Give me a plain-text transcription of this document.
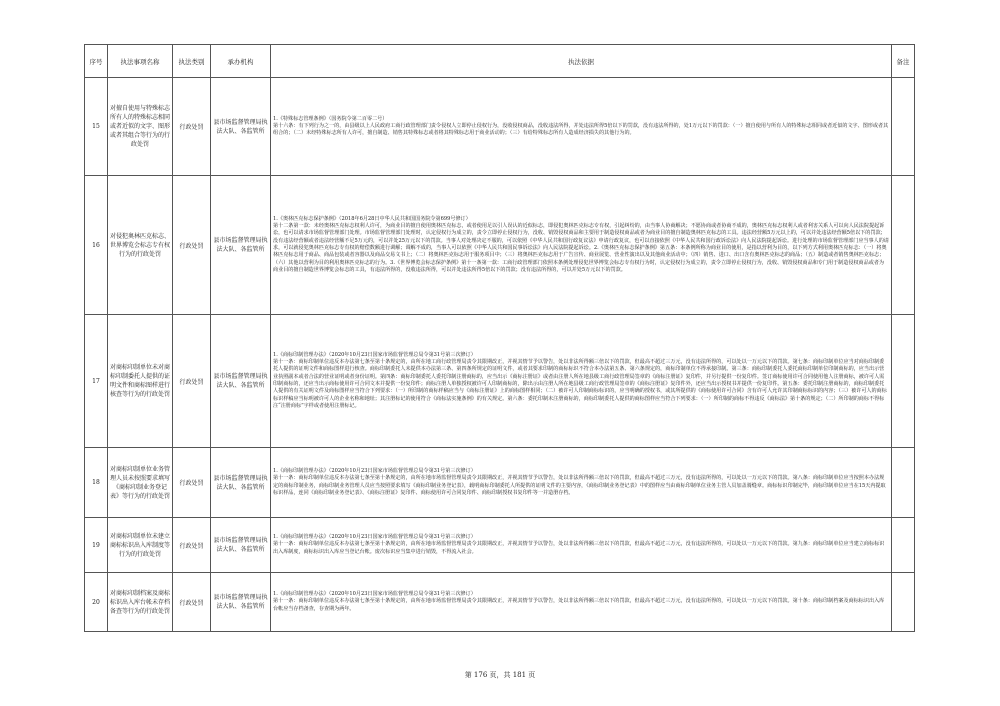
序号	执法事项名称	执法类别	承办机构	执法依据	备注
15	对擅自使用与特殊标志所有人的特殊标志相同或者近似的文字、图形或者其组合等行为的行政处罚	行政处罚	县市场监督管理局执法大队、各监管所	1.《特殊标志管理条例》（国务院令第二百零二号）

第十六条：有下列行为之一的，由县级以上人民政府工商行政管理部门责令侵权人立即停止侵权行为，没收侵权商品，没收违法所得，并处违法所得5倍以下的罚款，没有违法所得的，处1万元以下的罚款：（一）擅自使用与所有人的特殊标志相同或者近似的文字、图形或者其组合的；（二）未经特殊标志所有人许可，擅自制造、销售其特殊标志或者将其特殊标志用于商业活动的；（三）有给特殊标志所有人造成经济损失的其他行为的。	

16	对侵犯奥林匹克标志、世界博览会标志专有权行为的行政处罚	行政处罚	县市场监督管理局执法大队、各监管所	1.《奥林匹克标志保护条例》（2018年6月28日中华人民共和国国务院令第699号修订）

第十二条第一款：未经奥林匹克标志权利人许可，为商业目的擅自使用奥林匹克标志，或者使用足以引人误认的近似标志，即侵犯奥林匹克标志专有权，引起纠纷的，由当事人协商解决；不愿协商或者协商不成的，奥林匹克标志权利人或者利害关系人可以向人民法院提起诉讼，也可以请求市场监督管理部门处理。市场监督管理部门处理时，认定侵权行为成立的，责令立即停止侵权行为，没收、销毁侵权商品和主要用于制造侵权商品或者为商业目的擅自制造奥林匹克标志的工具。违法经营额5万元以上的，可以并处违法经营额5倍以下的罚款；没有违法经营额或者违法经营额不足5万元的，可以并处25万元以下的罚款。当事人对处理决定不服的，可以依照《中华人民共和国行政复议法》申请行政复议，也可以直接依照《中华人民共和国行政诉讼法》向人民法院提起诉讼。进行处理的市场监督管理部门应当事人的请求，可以就侵犯奥林匹克标志专有权的赔偿数额进行调解；调解不成的，当事人可以依照《中华人民共和国民事诉讼法》向人民法院提起诉讼。2.《奥林匹克标志保护条例》第五条：本条例所称为商业目的使用，是指以营利为目的，以下列方式利用奥林匹克标志：（一）将奥林匹克标志用于商品、商品包装或者容器以及商品交易文书上；（二）将奥林匹克标志用于服务项目中；（三）将奥林匹克标志用于广告宣传、商业展览、营业性演出以及其他商业活动中；（四）销售、进口、出口含有奥林匹克标志的商品；（五）制造或者销售奥林匹克标志；（六）其他以营利为目的利用奥林匹克标志的行为。3.《世界博览会标志保护条例》第十一条第一款：工商行政管理部门依照本条例处理侵犯世界博览会标志专有权行为时，认定侵权行为成立的，责令立即停止侵权行为，没收、销毁侵权商品和专门用于制造侵权商品或者为商业目的擅自制造世界博览会标志的工具，有违法所得的，没收违法所得，可以并处违法所得5倍以下的罚款；没有违法所得的，可以并处5万元以下的罚款。	

17	对商标印制单位未对商标印制委托人提供的证明文件和商标图样进行核查等行为的行政处罚	行政处罚	县市场监督管理局执法大队、各监管所	1.《商标印制管理办法》（2020年10月23日国家市场监督管理总局令第31号第三次修订）

第十一条：商标印制单位违反本办法第七条至第十条规定的，由所在地工商行政管理局责令其限期改正，并视其情节予以警告，处以非法所得额三倍以下的罚款，但最高不超过三万元，没有违法所得的，可以处以一万元以下的罚款。第七条：商标印制单位应当对商标印制委托人提供的证明文件和商标图样进行核查。商标印制委托人未提供本办法第三条、第四条所规定的证明文件，或者其要求印制的商标标识不符合本办法第五条、第六条规定的，商标印制单位不得承接印制。第三条：商标印制委托人委托商标印制单位印制商标的，应当出示营业执照副本或者合法的营业证明或者身份证明。第四条：商标印制委托人委托印制注册商标的，应当出示《商标注册证》或者由注册人所在地县级工商行政管理局签章的《商标注册证》复印件，并另行提供一份复印件。签订商标使用许可合同使用他人注册商标，被许可人需印制商标的，还应当出示商标使用许可合同文本并提供一份复印件；商标注册人单独授权被许可人印制商标的，除出示由注册人所在地县级工商行政管理局签章的《商标注册证》复印件外，还应当出示授权书并提供一份复印件。第五条：委托印制注册商标的，商标印制委托人提供的有关证明文件及商标图样应当符合下列要求：（一）所印制的商标样稿应当与《商标注册证》上的商标图样相同；（二）被许可人印制商标标识的，应当明确的授权书，或其所提供的《商标使用许可合同》含有许可人允许其印制商标标识的内容；（三）被许可人的商标标识样稿应当标明被许可人的企业名称和地址；其注册标记的使用符合《商标法实施条例》的有关规定。第六条：委托印制未注册商标的，商标印制委托人提供的商标图样应当符合下列要求：（一）所印制的商标不得违反《商标法》第十条的规定；（二）所印制的商标不得标注“注册商标”字样或者使用注册标记。	

18	对商标印制单位业务管理人员未按照要求填写《商标印制业务登记表》等行为的行政处罚	行政处罚	县市场监督管理局执法大队、各监管所	1.《商标印制管理办法》（2020年10月23日国家市场监督管理总局令第31号第三次修订）

第十一条：商标印制单位违反本办法第七条至第十条规定的，由所在地市场监督管理局责令其限期改正，并视其情节予以警告，处以非法所得额三倍以下的罚款，但最高不超过三万元，没有违法所得的，可以处以一万元以下的罚款。第八条：商标印制单位应当按照本办法规定的商标印制业务，商标印制业务管理人员应当按照要求填写《商标印制业务登记表》，载明商标印制委托人所提供的证明文件的主要内容，《商标印制业务登记表》中的图样应当由商标印制单位业务主管人员加盖骑缝章。商标标识印制完毕，商标印制单位应当在15天内提取标识样品，连同《商标印制业务登记表》、《商标注册证》复印件、商标使用许可合同复印件、商标印制授权书复印件等一并造册存档。	

19	对商标印制单位未建立商标标识出入库制度等行为的行政处罚	行政处罚	县市场监督管理局执法大队、各监管所	1.《商标印制管理办法》（2020年10月23日国家市场监督管理总局令第31号第三次修订）

第十一条：商标印制单位违反本办法第七条至第十条规定的，由所在地市场监督管理局责令其限期改正，并视其情节予以警告，处以非法所得额三倍以下的罚款，但最高不超过三万元，没有违法所得的，可以处以一万元以下的罚款。第九条：商标印制单位应当建立商标标识出入库制度，商标标识出入库应当登记台帐。废次标识应当集中进行销毁，不得流入社会。	

20	对商标印制档案及商标标识出入库台帐未存档备查等行为的行政处罚	行政处罚	县市场监督管理局执法大队、各监管所	1.《商标印制管理办法》（2020年10月23日国家市场监督管理总局令第31号第三次修订）

第十一条：商标印制单位违反本办法第七条至第十条规定的，由所在地市场监督管理局责令其限期改正，并视其情节予以警告，处以非法所得额三倍以下的罚款，但最高不超过三万元，没有违法所得的，可以处以一万元以下的罚款。第十条：商标印制档案及商标标识出入库台帐应当存档备查，存查期为两年。	

第 176 页，共 181 页
